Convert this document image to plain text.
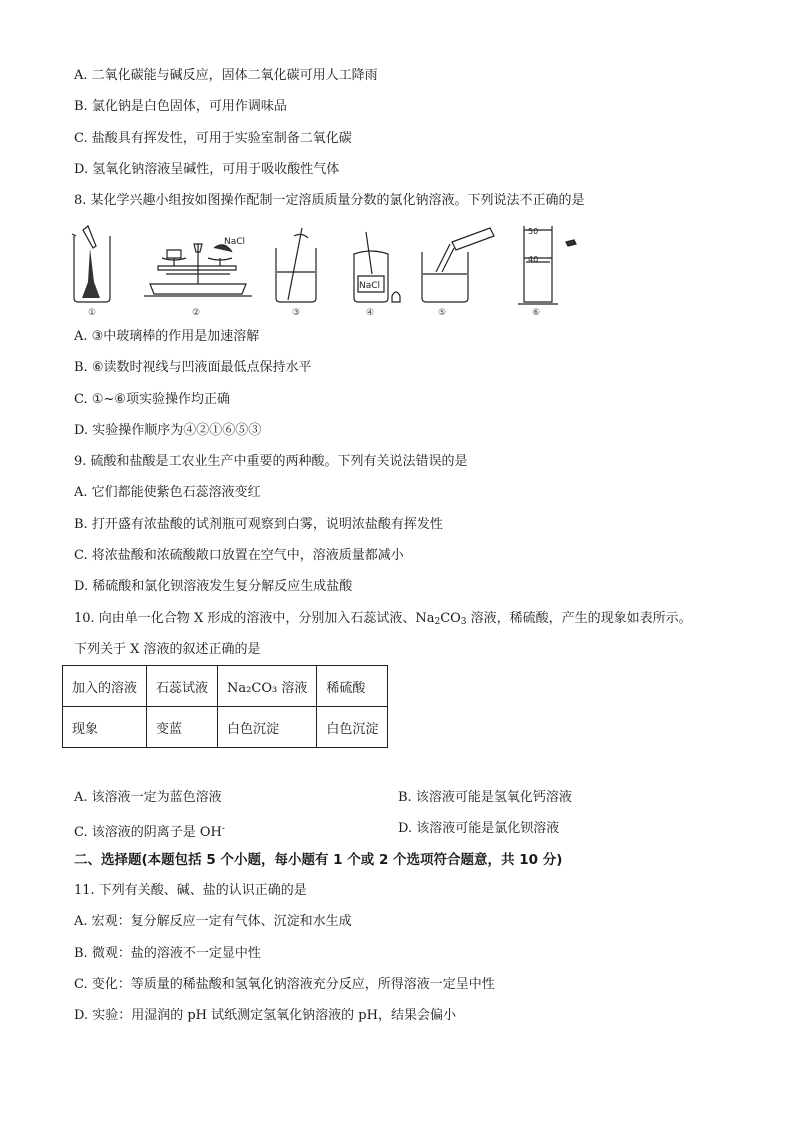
A. 二氧化碳能与碱反应，固体二氧化碳可用人工降雨
B. 氯化钠是白色固体，可用作调味品
C. 盐酸具有挥发性，可用于实验室制备二氧化碳
D. 氢氧化钠溶液呈碱性，可用于吸收酸性气体
8. 某化学兴趣小组按如图操作配制一定溶质质量分数的氯化钠溶液。下列说法不正确的是
NaCl
NaCl
50
40
①	②	③	④	⑤	⑥
A. ③中玻璃棒的作用是加速溶解
B. ⑥读数时视线与凹液面最低点保持水平
C. ①~⑥项实验操作均正确
D. 实验操作顺序为④②①⑥⑤③
9. 硫酸和盐酸是工农业生产中重要的两种酸。下列有关说法错误的是
A. 它们都能使紫色石蕊溶液变红
B. 打开盛有浓盐酸的试剂瓶可观察到白雾，说明浓盐酸有挥发性
C. 将浓盐酸和浓硫酸敞口放置在空气中，溶液质量都减小
D. 稀硫酸和氯化钡溶液发生复分解反应生成盐酸
10. 向由单一化合物 X 形成的溶液中，分别加入石蕊试液、$Na_2CO_3$ 溶液，稀硫酸，产生的现象如表所示。
下列关于 X 溶液的叙述正确的是
加入的溶液	石蕊试液	Na₂CO₃ 溶液	稀硫酸
现象	变蓝	白色沉淀	白色沉淀
A. 该溶液一定为蓝色溶液	B. 该溶液可能是氢氧化钙溶液
C. 该溶液的阴离子是 OH-	D. 该溶液可能是氯化钡溶液
二、选择题(本题包括 5 个小题，每小题有 1 个或 2 个选项符合题意，共 10 分)
11. 下列有关酸、碱、盐的认识正确的是
A. 宏观：复分解反应一定有气体、沉淀和水生成
B. 微观：盐的溶液不一定显中性
C. 变化：等质量的稀盐酸和氢氧化钠溶液充分反应，所得溶液一定呈中性
D. 实验：用湿润的 pH 试纸测定氢氧化钠溶液的 pH，结果会偏小
